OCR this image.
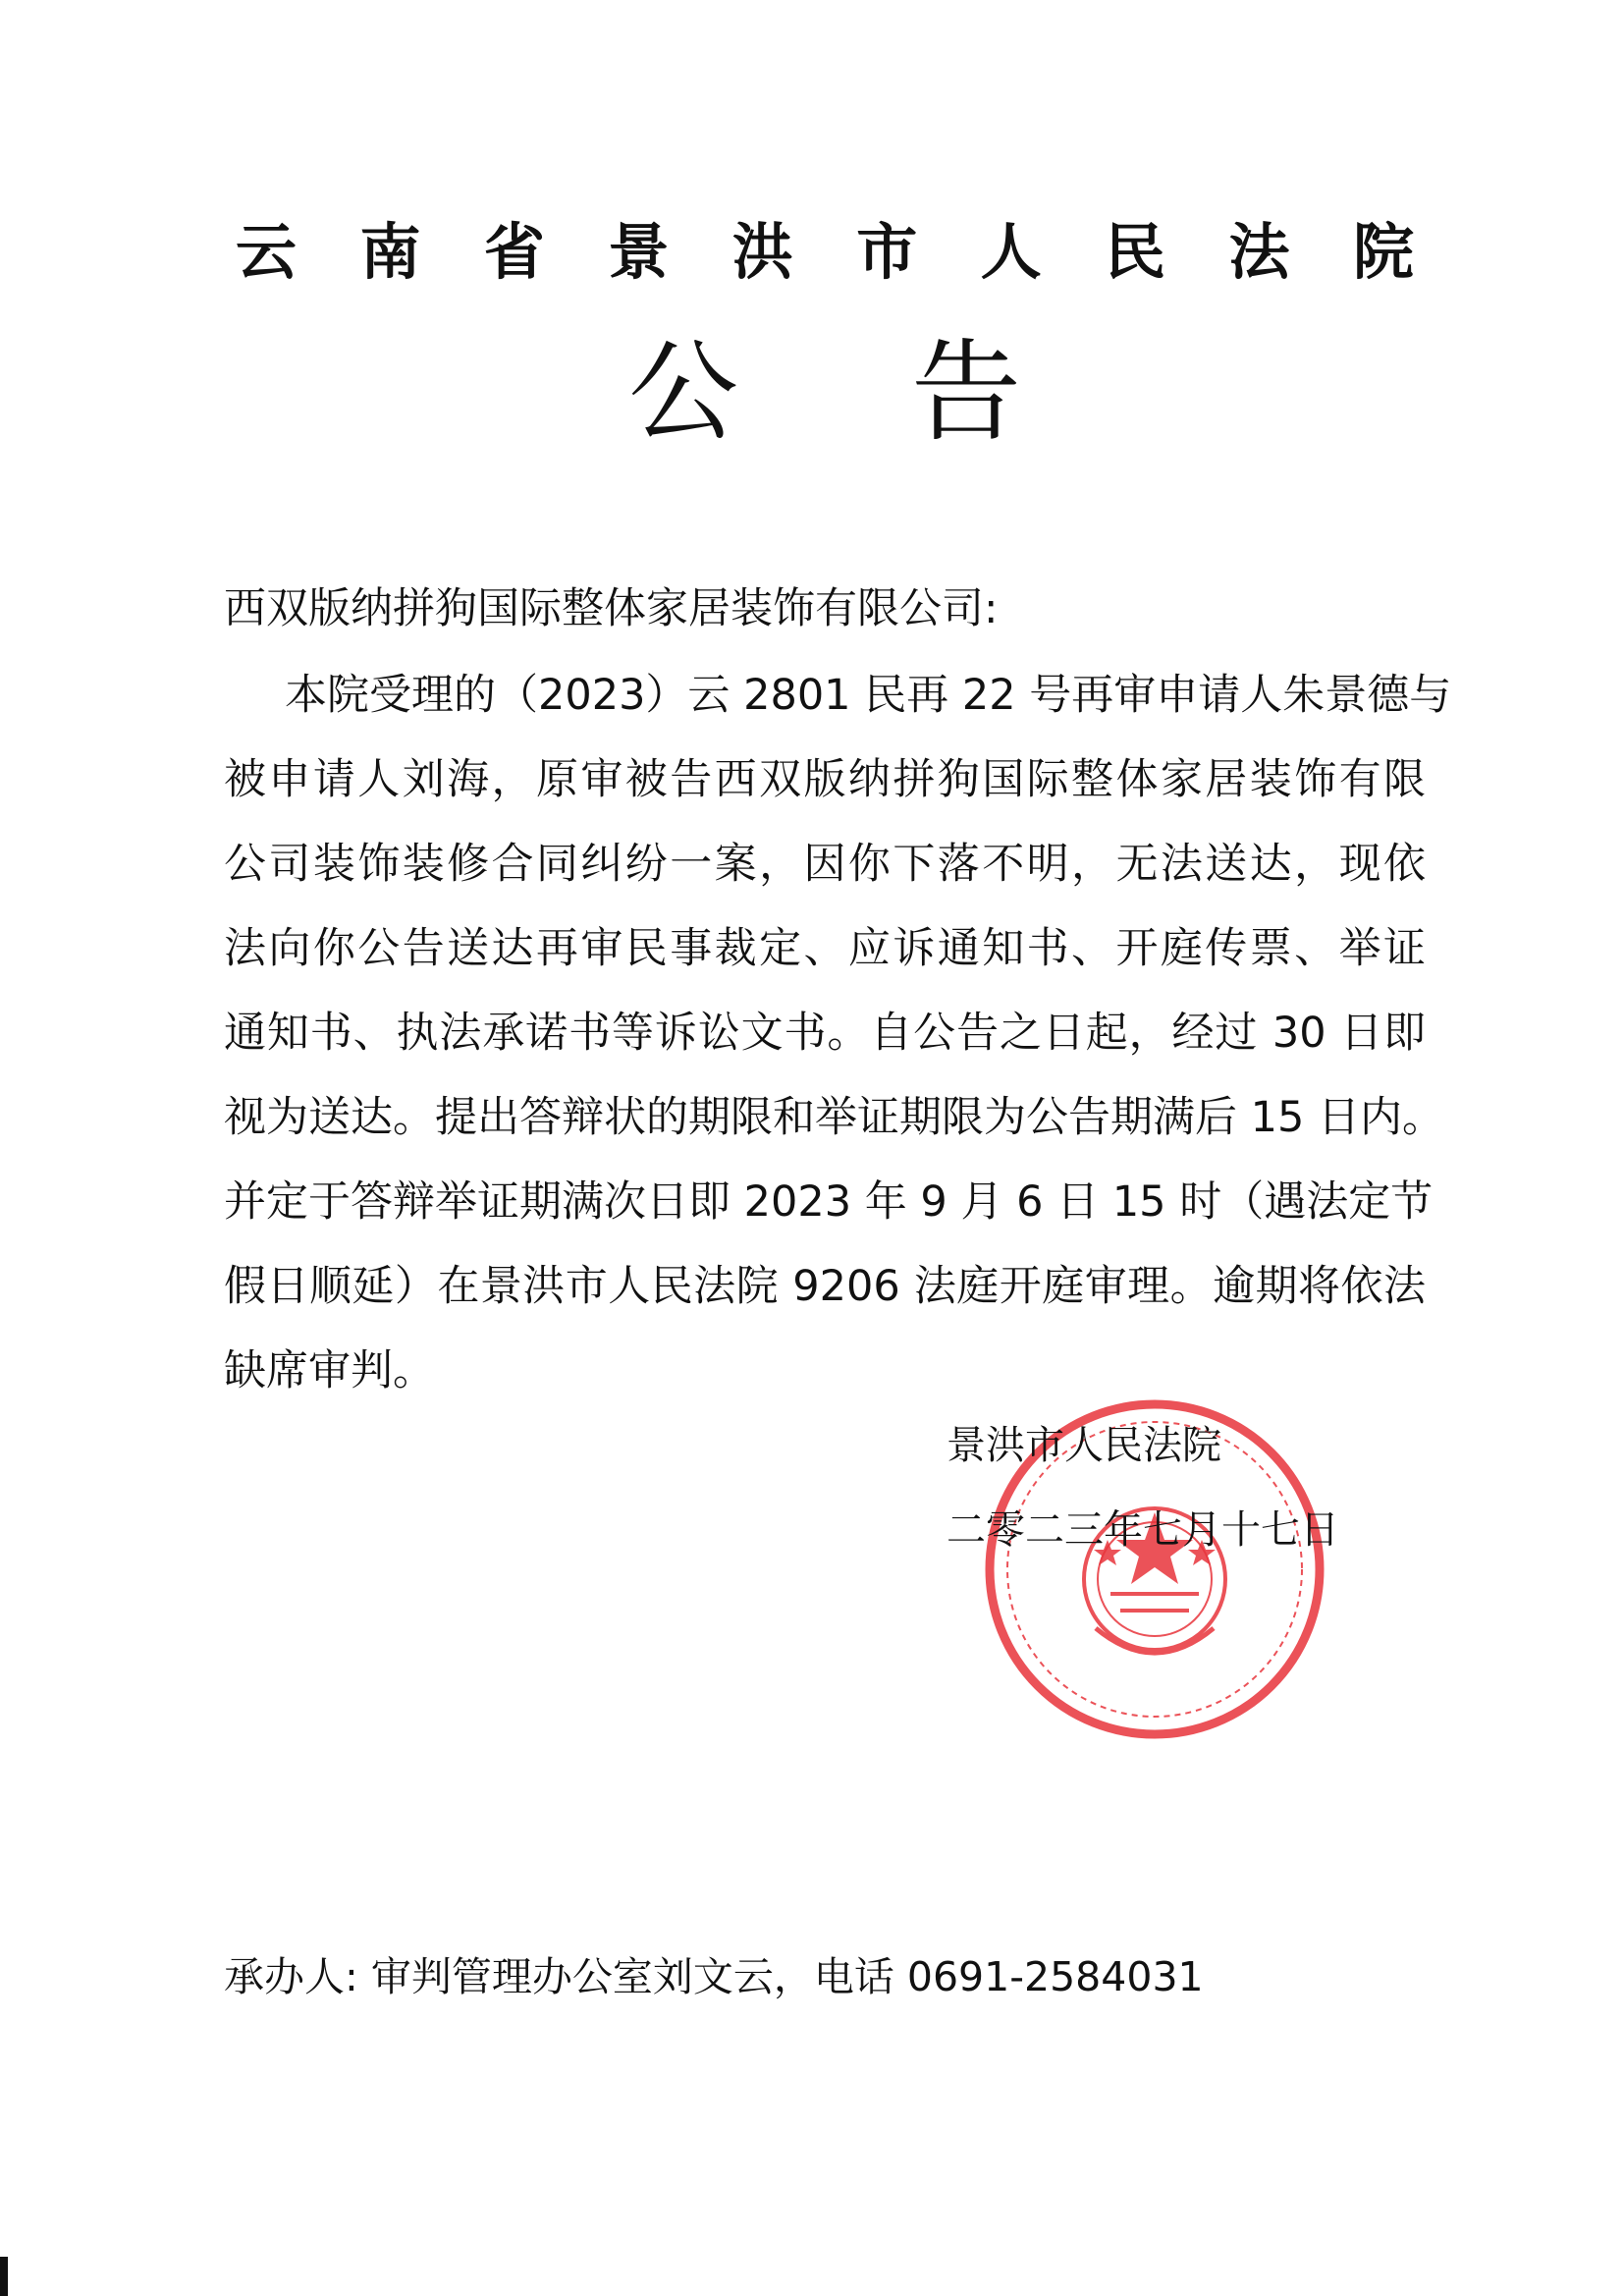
云 南 省 景 洪 市 人 民 法 院
公 告

西双版纳拼狗国际整体家居装饰有限公司:

本院受理的（2023）云 2801 民再 22 号再审申请人朱景德与

被申请人刘海，原审被告西双版纳拼狗国际整体家居装饰有限

公司装饰装修合同纠纷一案，因你下落不明，无法送达，现依

法向你公告送达再审民事裁定、应诉通知书、开庭传票、举证

通知书、执法承诺书等诉讼文书。自公告之日起，经过 30 日即

视为送达。提出答辩状的期限和举证期限为公告期满后 15 日内。

并定于答辩举证期满次日即 2023 年 9 月 6 日 15 时（遇法定节

假日顺延）在景洪市人民法院 9206 法庭开庭审理。逾期将依法

缺席审判。

景洪市人民法院

二零二三年七月十七日

承办人: 审判管理办公室刘文云，电话 0691-2584031
